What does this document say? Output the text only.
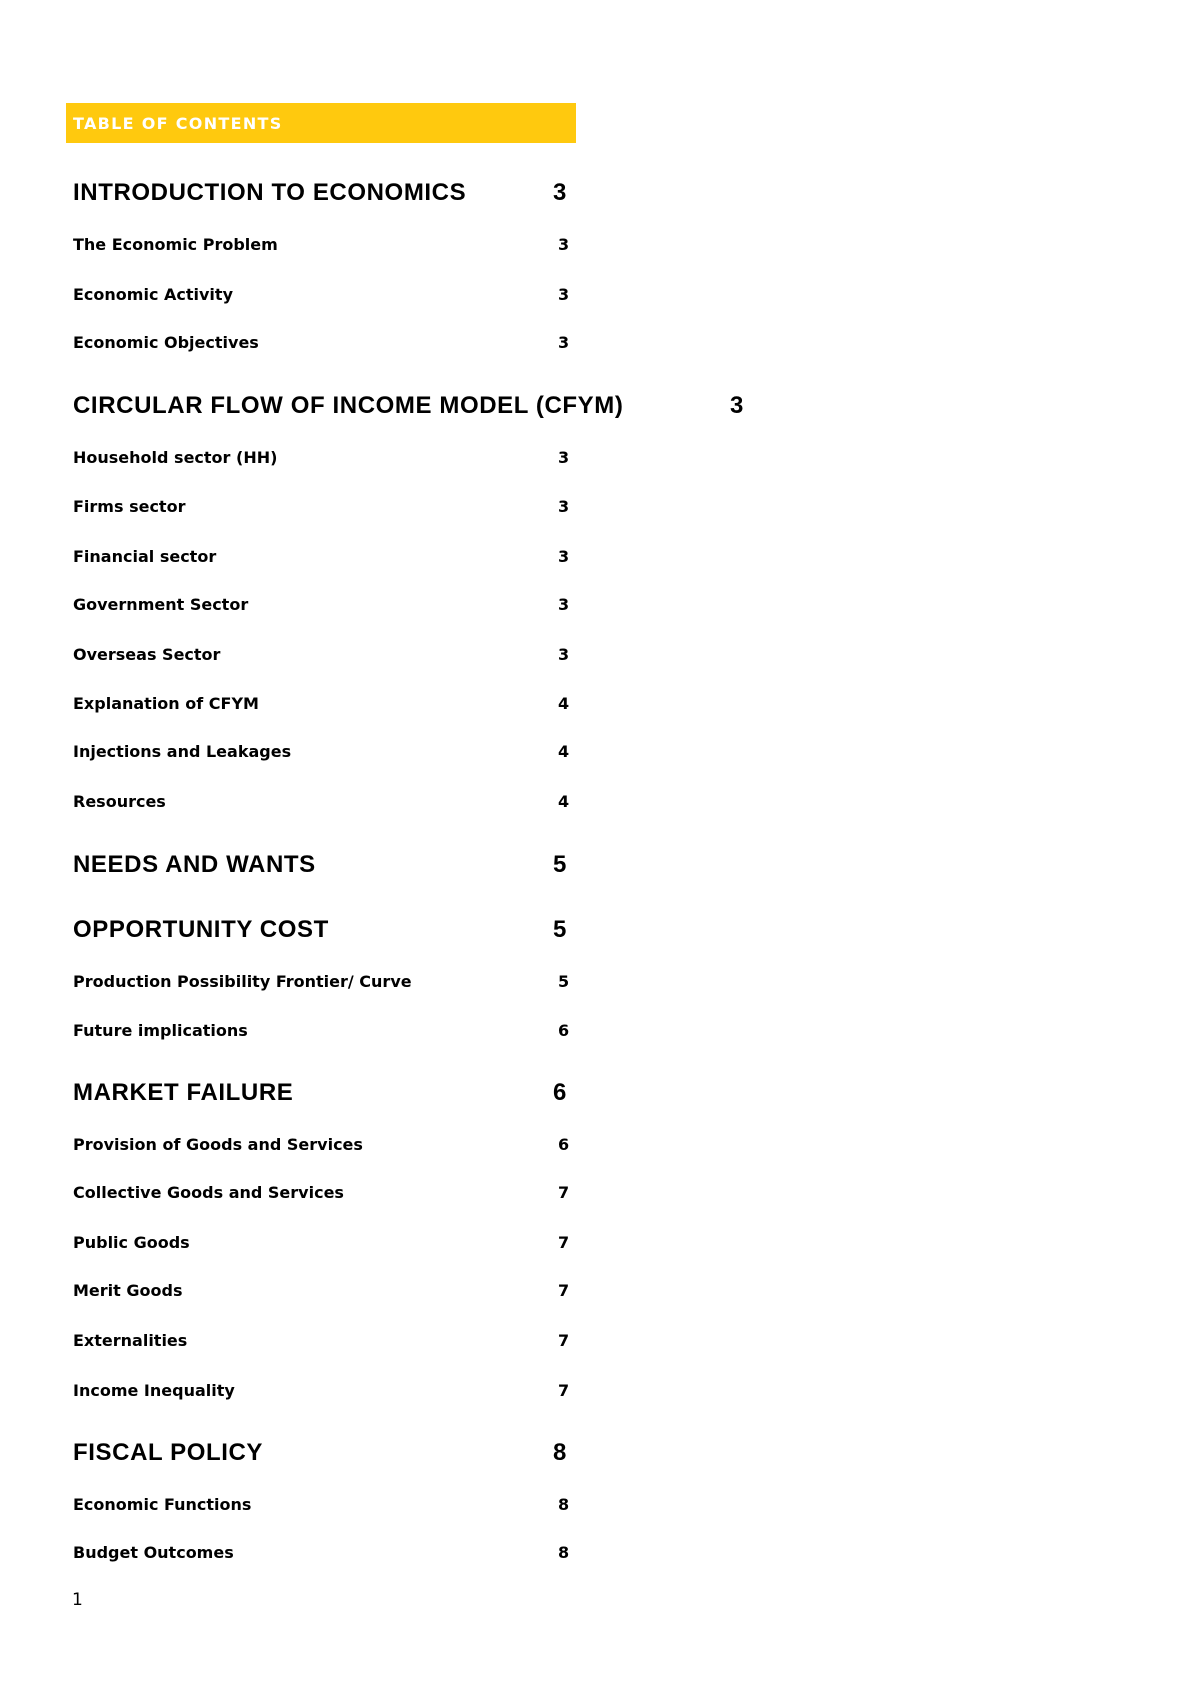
TABLE OF CONTENTS
INTRODUCTION TO ECONOMICS	3
The Economic Problem	3
Economic Activity	3
Economic Objectives	3
CIRCULAR FLOW OF INCOME MODEL (CFYM)	3
Household sector (HH)	3
Firms sector	3
Financial sector	3
Government Sector	3
Overseas Sector	3
Explanation of CFYM	4
Injections and Leakages	4
Resources	4
NEEDS AND WANTS	5
OPPORTUNITY COST	5
Production Possibility Frontier/ Curve	5
Future implications	6
MARKET FAILURE	6
Provision of Goods and Services	6
Collective Goods and Services	7
Public Goods	7
Merit Goods	7
Externalities	7
Income Inequality	7
FISCAL POLICY	8
Economic Functions	8
Budget Outcomes	8
1
